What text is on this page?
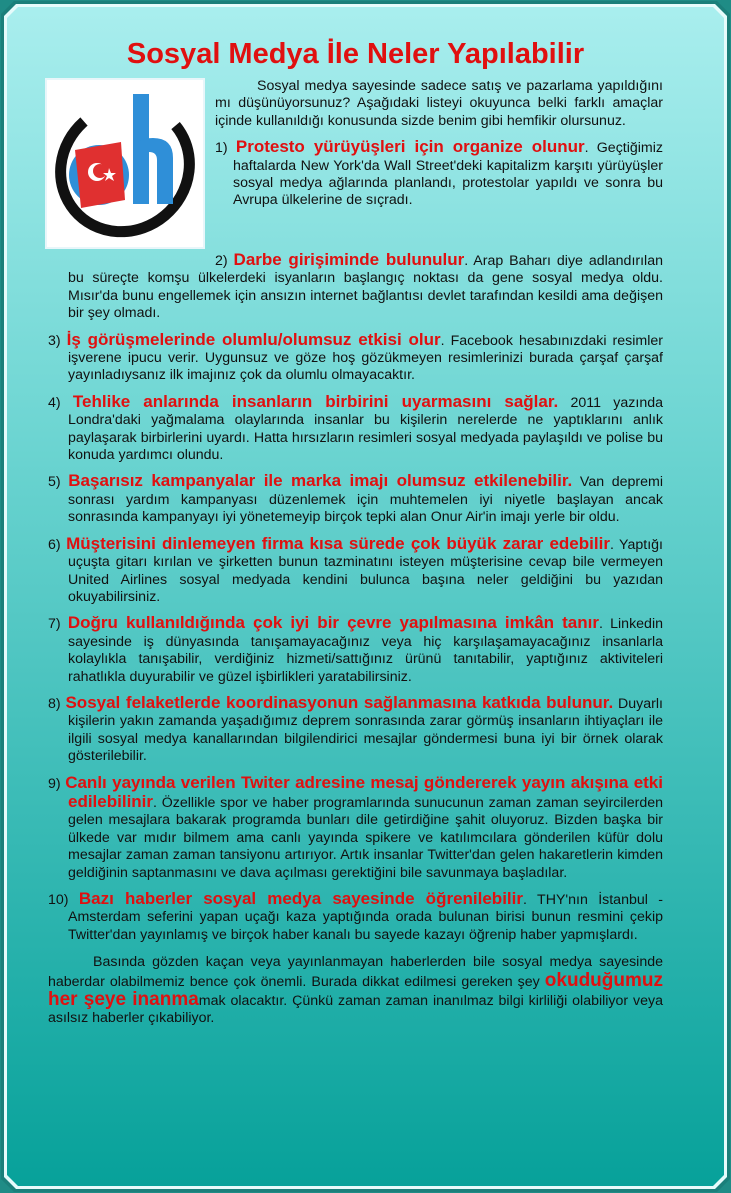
Sosyal Medya İle Neler Yapılabilir

Sosyal medya sayesinde sadece satış ve pazarlama yapıldığını mı düşünüyorsunuz? Aşağıdaki listeyi okuyunca belki farklı amaçlar içinde kullanıldığı konusunda sizde benim gibi hemfikir olursunuz.

1) Protesto yürüyüşleri için organize olunur. Geçtiğimiz haftalarda New York'da Wall Street'deki kapitalizm karşıtı yürüyüşler sosyal medya ağlarında planlandı, protestolar yapıldı ve sonra bu Avrupa ülkelerine de sıçradı.

2) Darbe girişiminde bulunulur. Arap Baharı diye adlandırılan bu süreçte komşu ülkelerdeki isyanların başlangıç noktası da gene sosyal medya oldu. Mısır'da bunu engellemek için ansızın internet bağlantısı devlet tarafından kesildi ama değişen bir şey olmadı.

3) İş görüşmelerinde olumlu/olumsuz etkisi olur. Facebook hesabınızdaki resimler işverene ipucu verir. Uygunsuz ve göze hoş gözükmeyen resimlerinizi burada çarşaf çarşaf yayınladıysanız ilk imajınız çok da olumlu olmayacaktır.

4) Tehlike anlarında insanların birbirini uyarmasını sağlar. 2011 yazında Londra'daki yağmalama olaylarında insanlar bu kişilerin nerelerde ne yaptıklarını anlık paylaşarak birbirlerini uyardı. Hatta hırsızların resimleri sosyal medyada paylaşıldı ve polise bu konuda yardımcı olundu.

5) Başarısız kampanyalar ile marka imajı olumsuz etkilenebilir. Van depremi sonrası yardım kampanyası düzenlemek için muhtemelen iyi niyetle başlayan ancak sonrasında kampanyayı iyi yönetemeyip birçok tepki alan Onur Air'in imajı yerle bir oldu.

6) Müşterisini dinlemeyen firma kısa sürede çok büyük zarar edebilir. Yaptığı uçuşta gitarı kırılan ve şirketten bunun tazminatını isteyen müşterisine cevap bile vermeyen United Airlines sosyal medyada kendini bulunca başına neler geldiğini bu yazıdan okuyabilirsiniz.

7) Doğru kullanıldığında çok iyi bir çevre yapılmasına imkân tanır. Linkedin sayesinde iş dünyasında tanışamayacağınız veya hiç karşılaşamayacağınız insanlarla kolaylıkla tanışabilir, verdiğiniz hizmeti/sattığınız ürünü tanıtabilir, yaptığınız aktiviteleri rahatlıkla duyurabilir ve güzel işbirlikleri yaratabilirsiniz.

8) Sosyal felaketlerde koordinasyonun sağlanmasına katkıda bulunur. Duyarlı kişilerin yakın zamanda yaşadığımız deprem sonrasında zarar görmüş insanların ihtiyaçları ile ilgili sosyal medya kanallarından bilgilendirici mesajlar göndermesi buna iyi bir örnek olarak gösterilebilir.

9) Canlı yayında verilen Twiter adresine mesaj göndererek yayın akışına etki edilebilinir. Özellikle spor ve haber programlarında sunucunun zaman zaman seyircilerden gelen mesajlara bakarak programda bunları dile getirdiğine şahit oluyoruz. Bizden başka bir ülkede var mıdır bilmem ama canlı yayında spikere ve katılımcılara gönderilen küfür dolu mesajlar zaman zaman tansiyonu artırıyor. Artık insanlar Twitter'dan gelen hakaretlerin kimden geldiğinin saptanmasını ve dava açılması gerektiğini bile savunmaya başladılar.

10) Bazı haberler sosyal medya sayesinde öğrenilebilir. THY'nın İstanbul -Amsterdam seferini yapan uçağı kaza yaptığında orada bulunan birisi bunun resmini çekip Twitter'dan yayınlamış ve birçok haber kanalı bu sayede kazayı öğrenip haber yapmışlardı.

Basında gözden kaçan veya yayınlanmayan haberlerden bile sosyal medya sayesinde haberdar olabilmemiz bence çok önemli. Burada dikkat edilmesi gereken şey okuduğumuz her şeye inanmamak olacaktır. Çünkü zaman zaman inanılmaz bilgi kirliliği olabiliyor veya asılsız haberler çıkabiliyor.
